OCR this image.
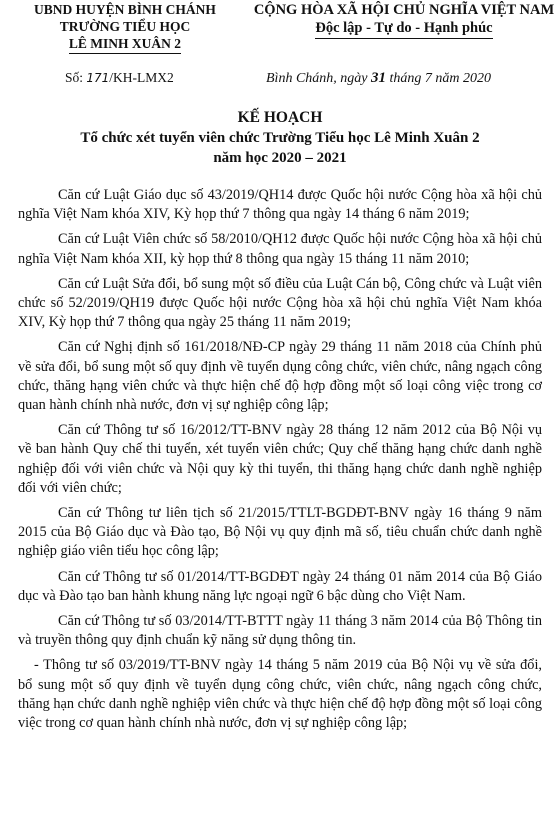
UBND HUYỆN BÌNH CHÁNH
TRƯỜNG TIỂU HỌC
LÊ MINH XUÂN 2
CỘNG HÒA XÃ HỘI CHỦ NGHĨA VIỆT NAM
Độc lập - Tự do - Hạnh phúc
Số: 171/KH-LMX2	Bình Chánh, ngày 31 tháng 7 năm 2020
KẾ HOẠCH
Tổ chức xét tuyển viên chức Trường Tiểu học Lê Minh Xuân 2
năm học 2020 – 2021

Căn cứ Luật Giáo dục số 43/2019/QH14 được Quốc hội nước Cộng hòa xã hội chủ nghĩa Việt Nam khóa XIV, Kỳ họp thứ 7 thông qua ngày 14 tháng 6 năm 2019;

Căn cứ Luật Viên chức số 58/2010/QH12 được Quốc hội nước Cộng hòa xã hội chủ nghĩa Việt Nam khóa XII, kỳ họp thứ 8 thông qua ngày 15 tháng 11 năm 2010;

Căn cứ Luật Sửa đổi, bổ sung một số điều của Luật Cán bộ, Công chức và Luật viên chức số 52/2019/QH19 được Quốc hội nước Cộng hòa xã hội chủ nghĩa Việt Nam khóa XIV, Kỳ họp thứ 7 thông qua ngày 25 tháng 11 năm 2019;

Căn cứ Nghị định số 161/2018/NĐ-CP ngày 29 tháng 11 năm 2018 của Chính phủ về sửa đổi, bổ sung một số quy định về tuyển dụng công chức, viên chức, nâng ngạch công chức, thăng hạng viên chức và thực hiện chế độ hợp đồng một số loại công việc trong cơ quan hành chính nhà nước, đơn vị sự nghiệp công lập;

Căn cứ Thông tư số 16/2012/TT-BNV ngày 28 tháng 12 năm 2012 của Bộ Nội vụ về ban hành Quy chế thi tuyển, xét tuyển viên chức; Quy chế thăng hạng chức danh nghề nghiệp đối với viên chức và Nội quy kỳ thi tuyển, thi thăng hạng chức danh nghề nghiệp đối với viên chức;

Căn cứ Thông tư liên tịch số 21/2015/TTLT-BGDĐT-BNV ngày 16 tháng 9 năm 2015 của Bộ Giáo dục và Đào tạo, Bộ Nội vụ quy định mã số, tiêu chuẩn chức danh nghề nghiệp giáo viên tiểu học công lập;

Căn cứ Thông tư số 01/2014/TT-BGDĐT ngày 24 tháng 01 năm 2014 của Bộ Giáo dục và Đào tạo ban hành khung năng lực ngoại ngữ 6 bậc dùng cho Việt Nam.

Căn cứ Thông tư số 03/2014/TT-BTTT ngày 11 tháng 3 năm 2014 của Bộ Thông tin và truyền thông quy định chuẩn kỹ năng sử dụng thông tin.

- Thông tư số 03/2019/TT-BNV ngày 14 tháng 5 năm 2019 của Bộ Nội vụ về sửa đổi, bổ sung một số quy định về tuyển dụng công chức, viên chức, nâng ngạch công chức, thăng hạn chức danh nghề nghiệp viên chức và thực hiện chế độ hợp đồng một số loại công việc trong cơ quan hành chính nhà nước, đơn vị sự nghiệp công lập;
